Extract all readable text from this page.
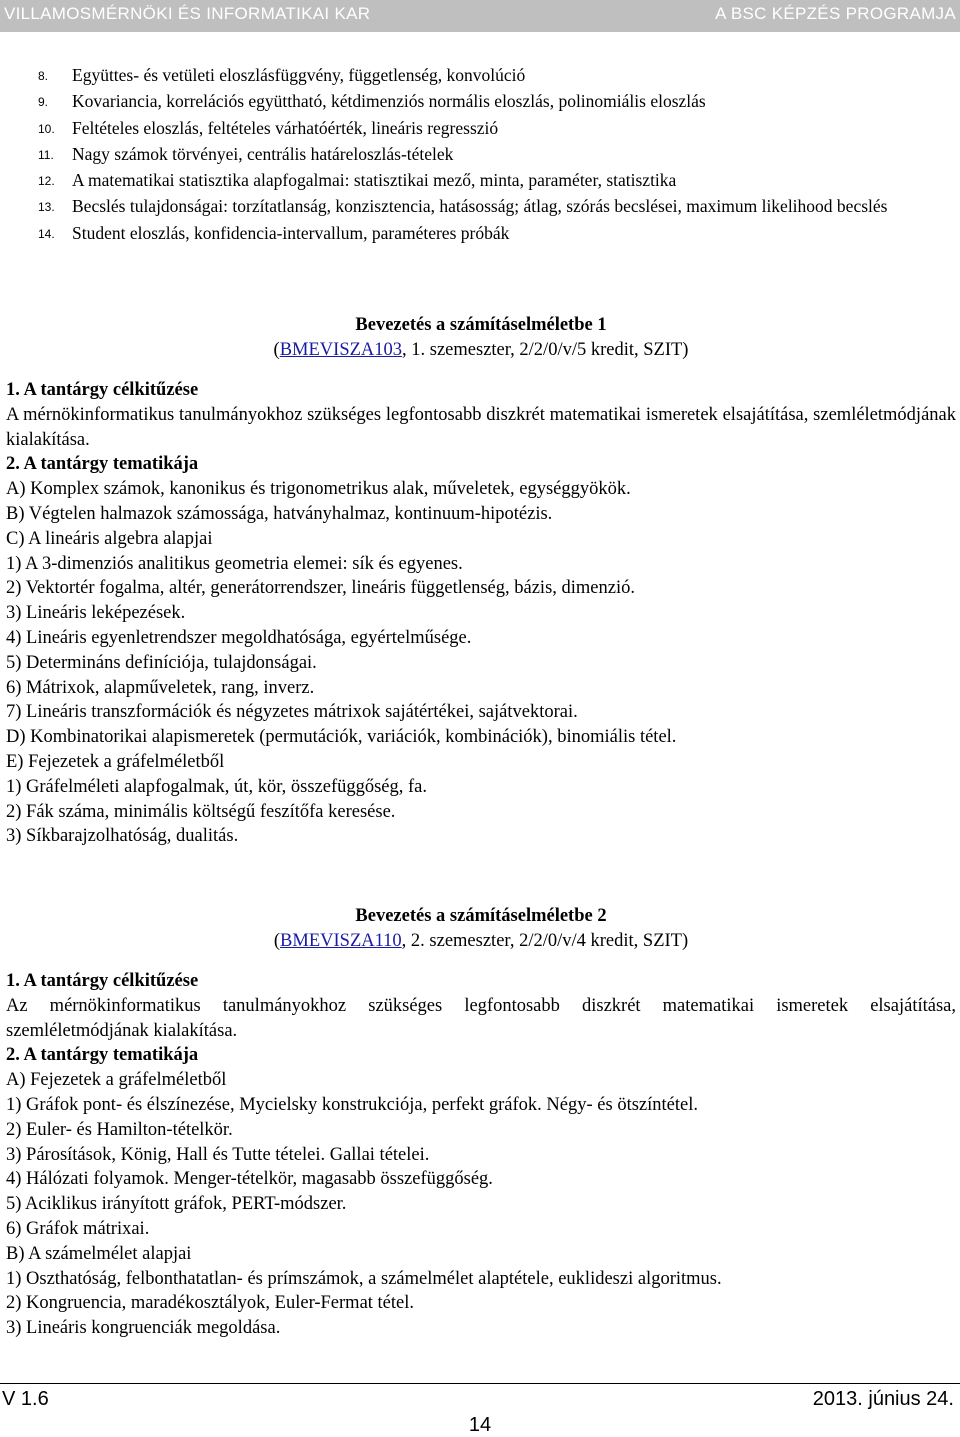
VILLAMOSMÉRNÖKI ÉS INFORMATIKAI KAR	A BSC KÉPZÉS PROGRAMJA
8.	Együttes- és vetületi eloszlásfüggvény, függetlenség, konvolúció
9.	Kovariancia, korrelációs együttható, kétdimenziós normális eloszlás, polinomiális eloszlás
10. Feltételes eloszlás, feltételes várhatóérték, lineáris regresszió
11.	Nagy számok törvényei, centrális határeloszlás-tételek
12. A matematikai statisztika alapfogalmai: statisztikai mező, minta, paraméter, statisztika
13. Becslés tulajdonságai: torzítatlanság, konzisztencia, hatásosság; átlag, szórás becslései, maximum likelihood becslés
14. Student eloszlás, konfidencia-intervallum, paraméteres próbák
Bevezetés a számításelméletbe 1
(BMEVISZA103, 1. szemeszter, 2/2/0/v/5 kredit, SZIT)
1. A tantárgy célkitűzése
A mérnökinformatikus tanulmányokhoz szükséges legfontosabb diszkrét matematikai ismeretek elsajátítása, szemléletmódjának kialakítása.
2. A tantárgy tematikája
A) Komplex számok, kanonikus és trigonometrikus alak, műveletek, egységgyökök.
B) Végtelen halmazok számossága, hatványhalmaz, kontinuum-hipotézis.
C) A lineáris algebra alapjai
1) A 3-dimenziós analitikus geometria elemei: sík és egyenes.
2) Vektortér fogalma, altér, generátorrendszer, lineáris függetlenség, bázis, dimenzió.
3) Lineáris leképezések.
4) Lineáris egyenletrendszer megoldhatósága, egyértelműsége.
5) Determináns definíciója, tulajdonságai.
6) Mátrixok, alapműveletek, rang, inverz.
7) Lineáris transzformációk és négyzetes mátrixok sajátértékei, sajátvektorai.
D) Kombinatorikai alapismeretek (permutációk, variációk, kombinációk), binomiális tétel.
E) Fejezetek a gráfelméletből
1) Gráfelméleti alapfogalmak, út, kör, összefüggőség, fa.
2) Fák száma, minimális költségű feszítőfa keresése.
3) Síkbarajzolhatóság, dualitás.
Bevezetés a számításelméletbe 2
(BMEVISZA110, 2. szemeszter, 2/2/0/v/4 kredit, SZIT)
1. A tantárgy célkitűzése
Az mérnökinformatikus tanulmányokhoz szükséges legfontosabb diszkrét matematikai ismeretek elsajátítása, szemléletmódjának kialakítása.
2. A tantárgy tematikája
A) Fejezetek a gráfelméletből
1) Gráfok pont- és élszínezése, Mycielsky konstrukciója, perfekt gráfok. Négy- és ötszíntétel.
2) Euler- és Hamilton-tételkör.
3) Párosítások, König, Hall és Tutte tételei. Gallai tételei.
4) Hálózati folyamok. Menger-tételkör, magasabb összefüggőség.
5) Aciklikus irányított gráfok, PERT-módszer.
6) Gráfok mátrixai.
B) A számelmélet alapjai
1) Oszthatóság, felbonthatatlan- és prímszámok, a számelmélet alaptétele, euklideszi algoritmus.
2) Kongruencia, maradékosztályok, Euler-Fermat tétel.
3) Lineáris kongruenciák megoldása.
V 1.6	2013. június 24.
14
